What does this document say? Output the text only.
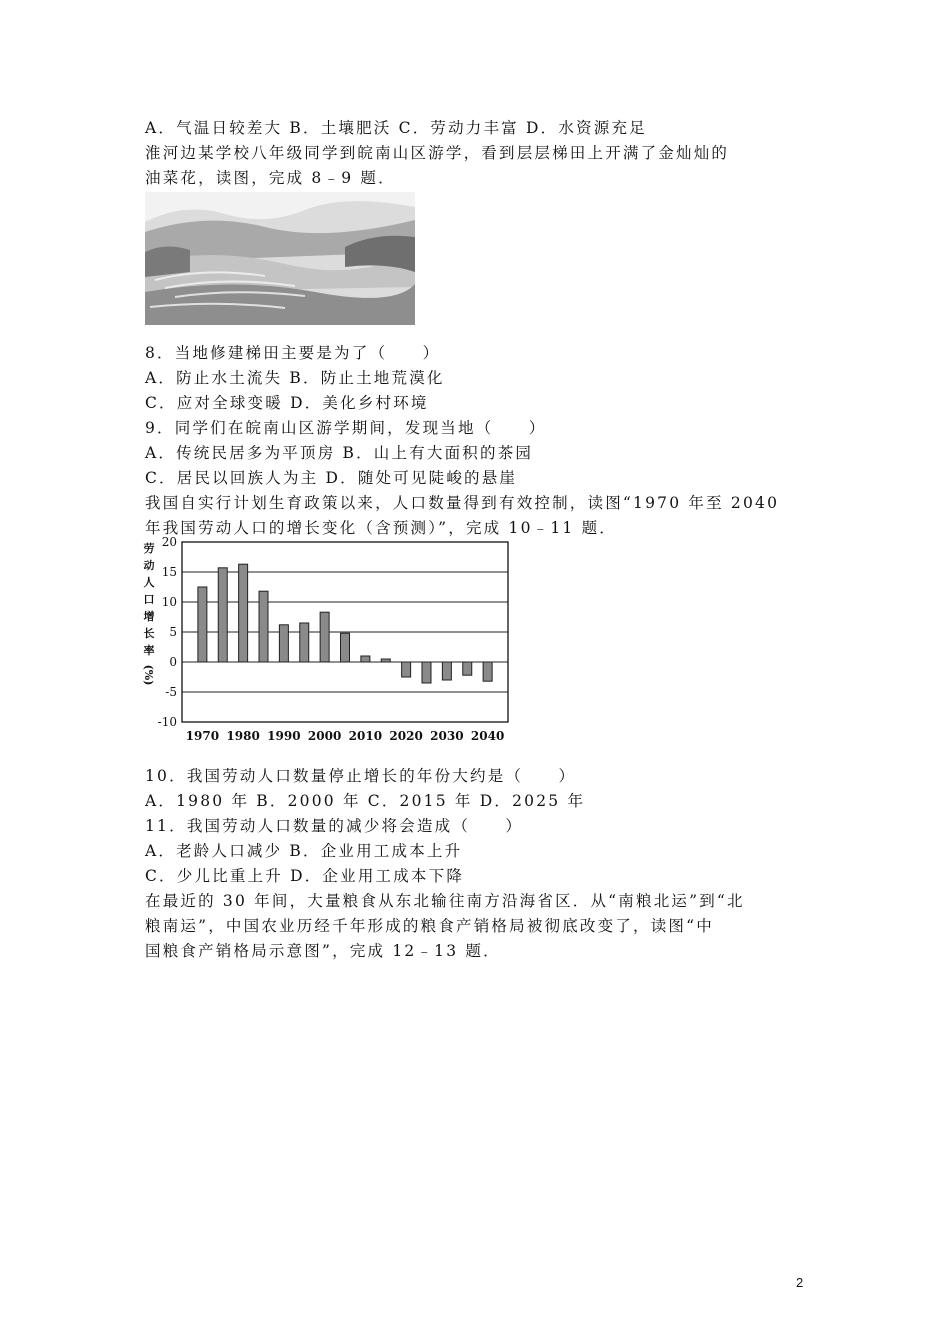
A．气温日较差大 B．土壤肥沃 C．劳动力丰富 D．水资源充足
淮河边某学校八年级同学到皖南山区游学，看到层层梯田上开满了金灿灿的
油菜花，读图，完成 8﹣9 题．
8．当地修建梯田主要是为了（　　）
A．防止水土流失 B．防止土地荒漠化
C．应对全球变暖 D．美化乡村环境
9．同学们在皖南山区游学期间，发现当地（　　）
A．传统民居多为平顶房 B．山上有大面积的茶园
C．居民以回族人为主 D．随处可见陡峻的悬崖
我国自实行计划生育政策以来，人口数量得到有效控制，读图“1970 年至 2040
年我国劳动人口的增长变化（含预测）”，完成 10﹣11 题．
劳
动
人
口
增
长
率
(%)
20
15
10
5
0
-5
-10
1970 1980 1990 2000 2010 2020 2030 2040
10．我国劳动人口数量停止增长的年份大约是（　　）
A．1980 年 B．2000 年 C．2015 年 D．2025 年
11．我国劳动人口数量的减少将会造成（　　）
A．老龄人口减少 B．企业用工成本上升
C．少儿比重上升 D．企业用工成本下降
在最近的 30 年间，大量粮食从东北输往南方沿海省区．从“南粮北运”到“北
粮南运”，中国农业历经千年形成的粮食产销格局被彻底改变了，读图“中
国粮食产销格局示意图”，完成 12﹣13 题．
2
